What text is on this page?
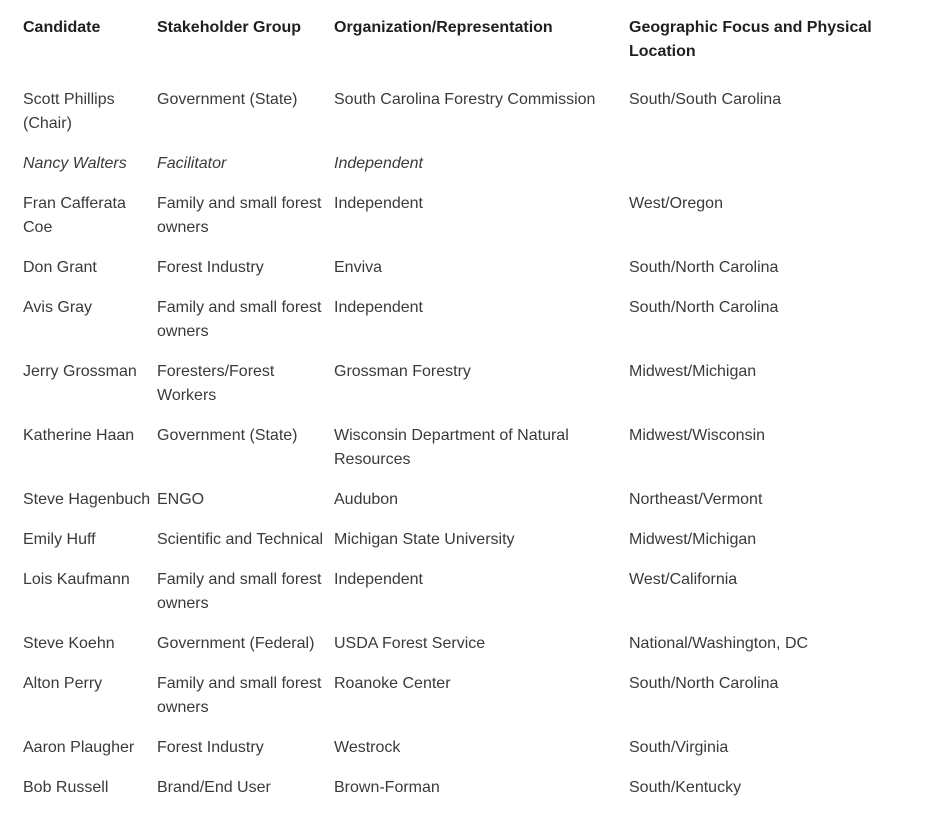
Candidate	Stakeholder Group	Organization/Representation	Geographic Focus and Physical Location
Scott Phillips (Chair)	Government (State)	South Carolina Forestry Commission	South/South Carolina
Nancy Walters	Facilitator	Independent	
Fran Cafferata Coe	Family and small forest owners	Independent	West/Oregon
Don Grant	Forest Industry	Enviva	South/North Carolina
Avis Gray	Family and small forest owners	Independent	South/North Carolina
Jerry Grossman	Foresters/Forest Workers	Grossman Forestry	Midwest/Michigan
Katherine Haan	Government (State)	Wisconsin Department of Natural Resources	Midwest/Wisconsin
Steve Hagenbuch	ENGO	Audubon	Northeast/Vermont
Emily Huff	Scientific and Technical	Michigan State University	Midwest/Michigan
Lois Kaufmann	Family and small forest owners	Independent	West/California
Steve Koehn	Government (Federal)	USDA Forest Service	National/Washington, DC
Alton Perry	Family and small forest owners	Roanoke Center	South/North Carolina
Aaron Plaugher	Forest Industry	Westrock	South/Virginia
Bob Russell	Brand/End User	Brown-Forman	South/Kentucky
